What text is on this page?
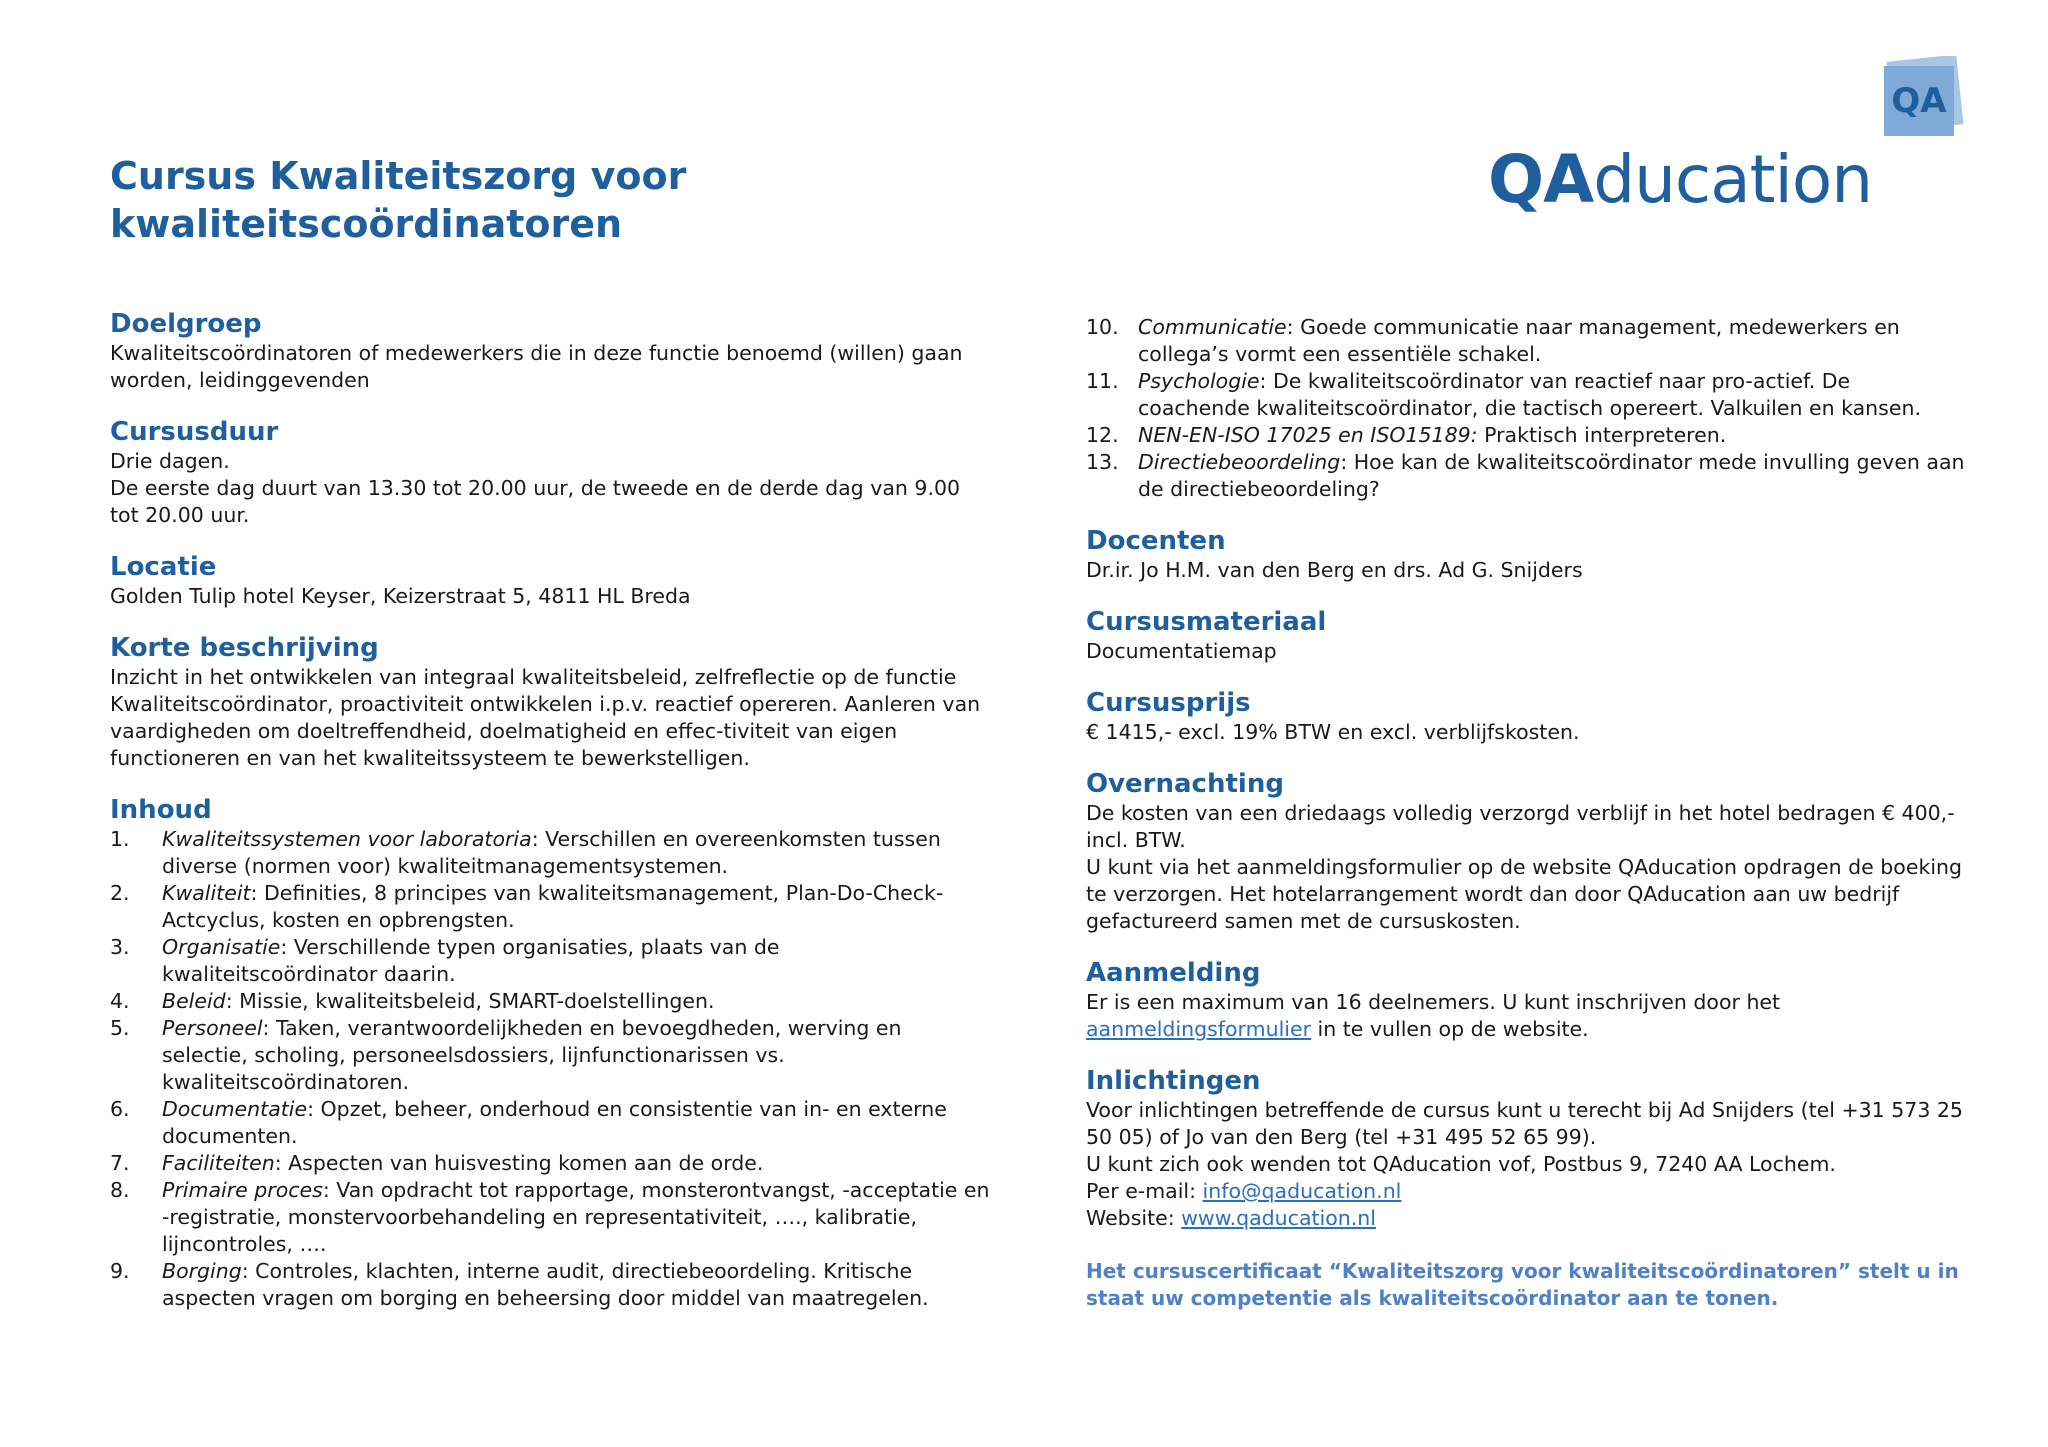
Cursus Kwaliteitszorg voor
kwaliteitscoördinatoren
QA
QAducation
Doelgroep

Kwaliteitscoördinatoren of medewerkers die in deze functie benoemd (willen) gaan worden, leidinggevenden

Cursusduur

Drie dagen.

De eerste dag duurt van 13.30 tot 20.00 uur, de tweede en de derde dag van 9.00 tot 20.00 uur.

Locatie

Golden Tulip hotel Keyser, Keizerstraat 5, 4811 HL Breda

Korte beschrijving

Inzicht in het ontwikkelen van integraal kwaliteitsbeleid, zelfreflectie op de functie Kwaliteitscoördinator, proactiviteit ontwikkelen i.p.v. reactief opereren. Aanleren van vaardigheden om doeltreffendheid, doelmatigheid en effec-tiviteit van eigen functioneren en van het kwaliteitssysteem te bewerkstelligen.

Inhoud
1.	Kwaliteitssystemen voor laboratoria: Verschillen en overeenkomsten tussen diverse (normen voor) kwaliteitmanagementsystemen.
2.	Kwaliteit: Definities, 8 principes van kwaliteitsmanagement, Plan-Do-Check-Actcyclus, kosten en opbrengsten.
3.	Organisatie: Verschillende typen organisaties, plaats van de kwaliteitscoördinator daarin.
4.	Beleid: Missie, kwaliteitsbeleid, SMART-doelstellingen.
5.	Personeel: Taken, verantwoordelijkheden en bevoegdheden, werving en selectie, scholing, personeelsdossiers, lijnfunctionarissen vs. kwaliteitscoördinatoren.
6.	Documentatie: Opzet, beheer, onderhoud en consistentie van in- en externe documenten.
7.	Faciliteiten: Aspecten van huisvesting komen aan de orde.
8.	Primaire proces: Van opdracht tot rapportage, monsterontvangst, -acceptatie en -registratie, monstervoorbehandeling en representativiteit, …., kalibratie, lijncontroles, ….
9.	Borging: Controles, klachten, interne audit, directiebeoordeling. Kritische aspecten vragen om borging en beheersing door middel van maatregelen.
10. Communicatie: Goede communicatie naar management, medewerkers en collega’s vormt een essentiële schakel.
11. Psychologie: De kwaliteitscoördinator van reactief naar pro-actief. De coachende kwaliteitscoördinator, die tactisch opereert. Valkuilen en kansen.
12. NEN-EN-ISO 17025 en ISO15189: Praktisch interpreteren.
13. Directiebeoordeling: Hoe kan de kwaliteitscoördinator mede invulling geven aan de directiebeoordeling?
Docenten

Dr.ir. Jo H.M. van den Berg en drs. Ad G. Snijders

Cursusmateriaal

Documentatiemap

Cursusprijs

€ 1415,- excl. 19% BTW en excl. verblijfskosten.

Overnachting

De kosten van een driedaags volledig verzorgd verblijf in het hotel bedragen € 400,- incl. BTW.

U kunt via het aanmeldingsformulier op de website QAducation opdragen de boeking te verzorgen. Het hotelarrangement wordt dan door QAducation aan uw bedrijf gefactureerd samen met de cursuskosten.

Aanmelding

Er is een maximum van 16 deelnemers. U kunt inschrijven door het aanmeldingsformulier in te vullen op de website.

Inlichtingen

Voor inlichtingen betreffende de cursus kunt u terecht bij Ad Snijders (tel +31 573 25 50 05) of Jo van den Berg (tel +31 495 52 65 99).

U kunt zich ook wenden tot QAducation vof, Postbus 9, 7240 AA Lochem.

Per e-mail: info@qaducation.nl

Website: www.qaducation.nl

Het cursuscertificaat “Kwaliteitszorg voor kwaliteitscoördinatoren” stelt u in staat uw competentie als kwaliteitscoördinator aan te tonen.
